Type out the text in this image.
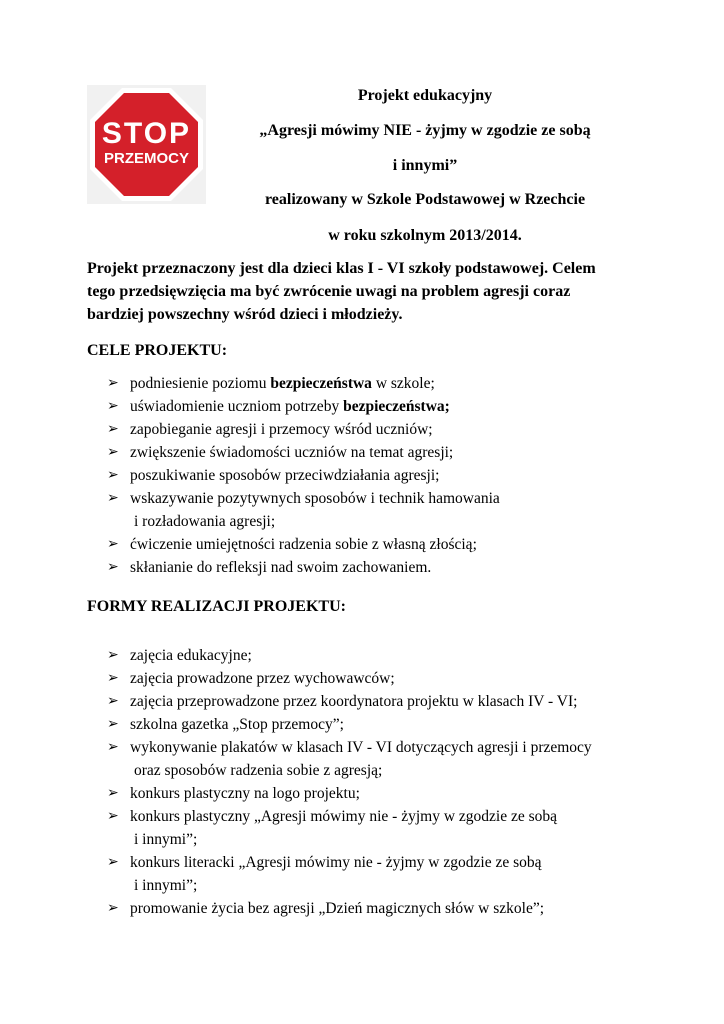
STOP
PRZEMOCY
Projekt edukacyjny
„Agresji mówimy NIE - żyjmy w zgodzie ze sobą
i innymi”
realizowany w Szkole Podstawowej w Rzechcie
w roku szkolnym 2013/2014.
Projekt przeznaczony jest dla dzieci klas I - VI szkoły podstawowej. Celem
tego przedsięwzięcia ma być zwrócenie uwagi na problem agresji coraz
bardziej powszechny wśród dzieci i młodzieży.
CELE PROJEKTU:
➢ podniesienie poziomu bezpieczeństwa w szkole;
➢ uświadomienie uczniom potrzeby bezpieczeństwa;
➢ zapobieganie agresji i przemocy wśród uczniów;
➢ zwiększenie świadomości uczniów na temat agresji;
➢ poszukiwanie sposobów przeciwdziałania agresji;
➢ wskazywanie pozytywnych sposobów i technik hamowania
i rozładowania agresji;
➢ ćwiczenie umiejętności radzenia sobie z własną złością;
➢ skłanianie do refleksji nad swoim zachowaniem.
FORMY REALIZACJI PROJEKTU:
➢ zajęcia edukacyjne;
➢ zajęcia prowadzone przez wychowawców;
➢ zajęcia przeprowadzone przez koordynatora projektu w klasach IV - VI;
➢ szkolna gazetka „Stop przemocy”;
➢ wykonywanie plakatów w klasach IV - VI dotyczących agresji i przemocy
oraz sposobów radzenia sobie z agresją;
➢ konkurs plastyczny na logo projektu;
➢ konkurs plastyczny „Agresji mówimy nie - żyjmy w zgodzie ze sobą
i innymi”;
➢ konkurs literacki „Agresji mówimy nie - żyjmy w zgodzie ze sobą
i innymi”;
➢ promowanie życia bez agresji „Dzień magicznych słów w szkole”;
